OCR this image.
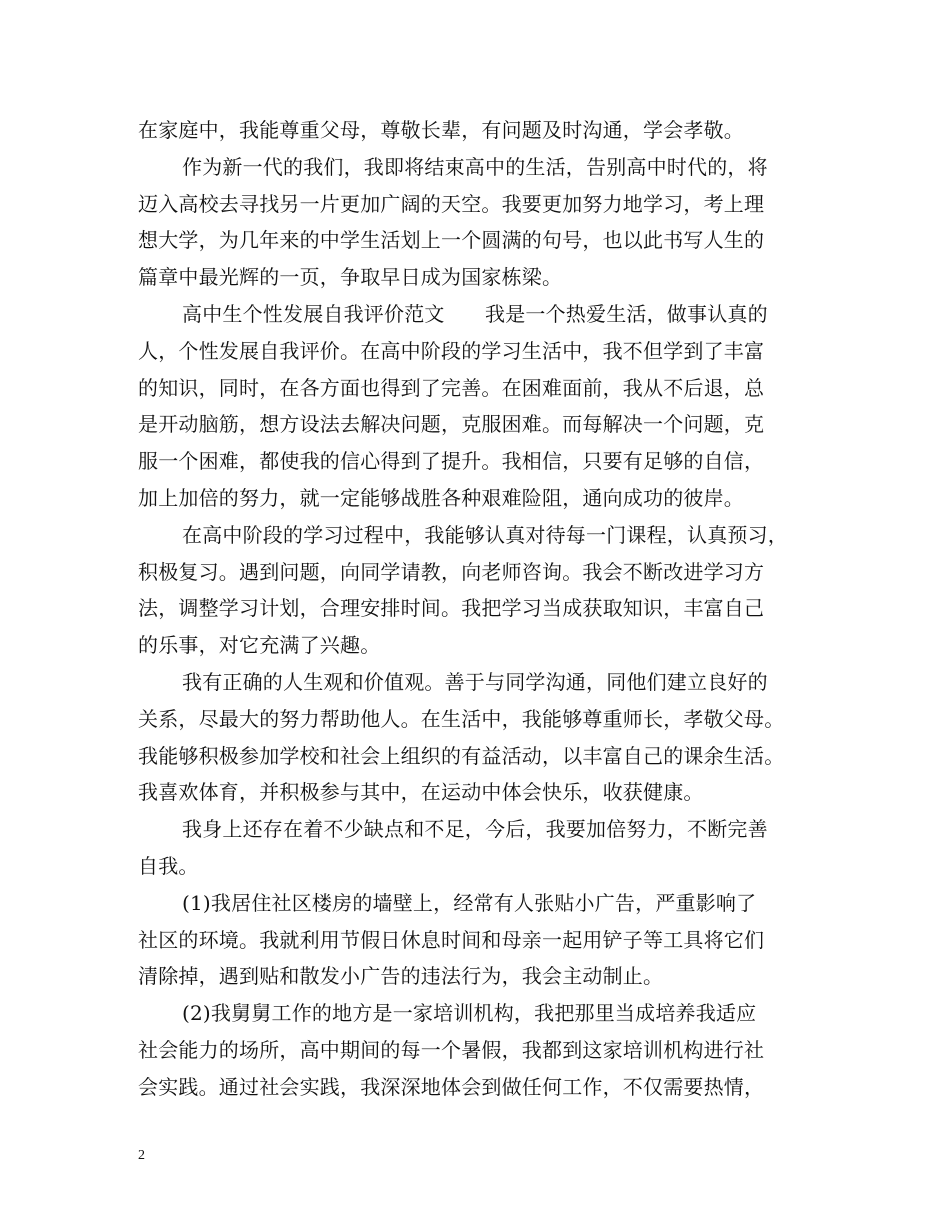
在家庭中，我能尊重父母，尊敬长辈，有问题及时沟通，学会孝敬。
作为新一代的我们，我即将结束高中的生活，告别高中时代的，将
迈入高校去寻找另一片更加广阔的天空。我要更加努力地学习，考上理
想大学，为几年来的中学生活划上一个圆满的句号，也以此书写人生的
篇章中最光辉的一页，争取早日成为国家栋梁。
高中生个性发展自我评价范文　　我是一个热爱生活，做事认真的
人，个性发展自我评价。在高中阶段的学习生活中，我不但学到了丰富
的知识，同时，在各方面也得到了完善。在困难面前，我从不后退，总
是开动脑筋，想方设法去解决问题，克服困难。而每解决一个问题，克
服一个困难，都使我的信心得到了提升。我相信，只要有足够的自信，
加上加倍的努力，就一定能够战胜各种艰难险阻，通向成功的彼岸。
在高中阶段的学习过程中，我能够认真对待每一门课程，认真预习，
积极复习。遇到问题，向同学请教，向老师咨询。我会不断改进学习方
法，调整学习计划，合理安排时间。我把学习当成获取知识，丰富自己
的乐事，对它充满了兴趣。
我有正确的人生观和价值观。善于与同学沟通，同他们建立良好的
关系，尽最大的努力帮助他人。在生活中，我能够尊重师长，孝敬父母。
我能够积极参加学校和社会上组织的有益活动，以丰富自己的课余生活。
我喜欢体育，并积极参与其中，在运动中体会快乐，收获健康。
我身上还存在着不少缺点和不足，今后，我要加倍努力，不断完善
自我。
(1)我居住社区楼房的墙壁上，经常有人张贴小广告，严重影响了
社区的环境。我就利用节假日休息时间和母亲一起用铲子等工具将它们
清除掉，遇到贴和散发小广告的违法行为，我会主动制止。
(2)我舅舅工作的地方是一家培训机构，我把那里当成培养我适应
社会能力的场所，高中期间的每一个暑假，我都到这家培训机构进行社
会实践。通过社会实践，我深深地体会到做任何工作，不仅需要热情，
2
